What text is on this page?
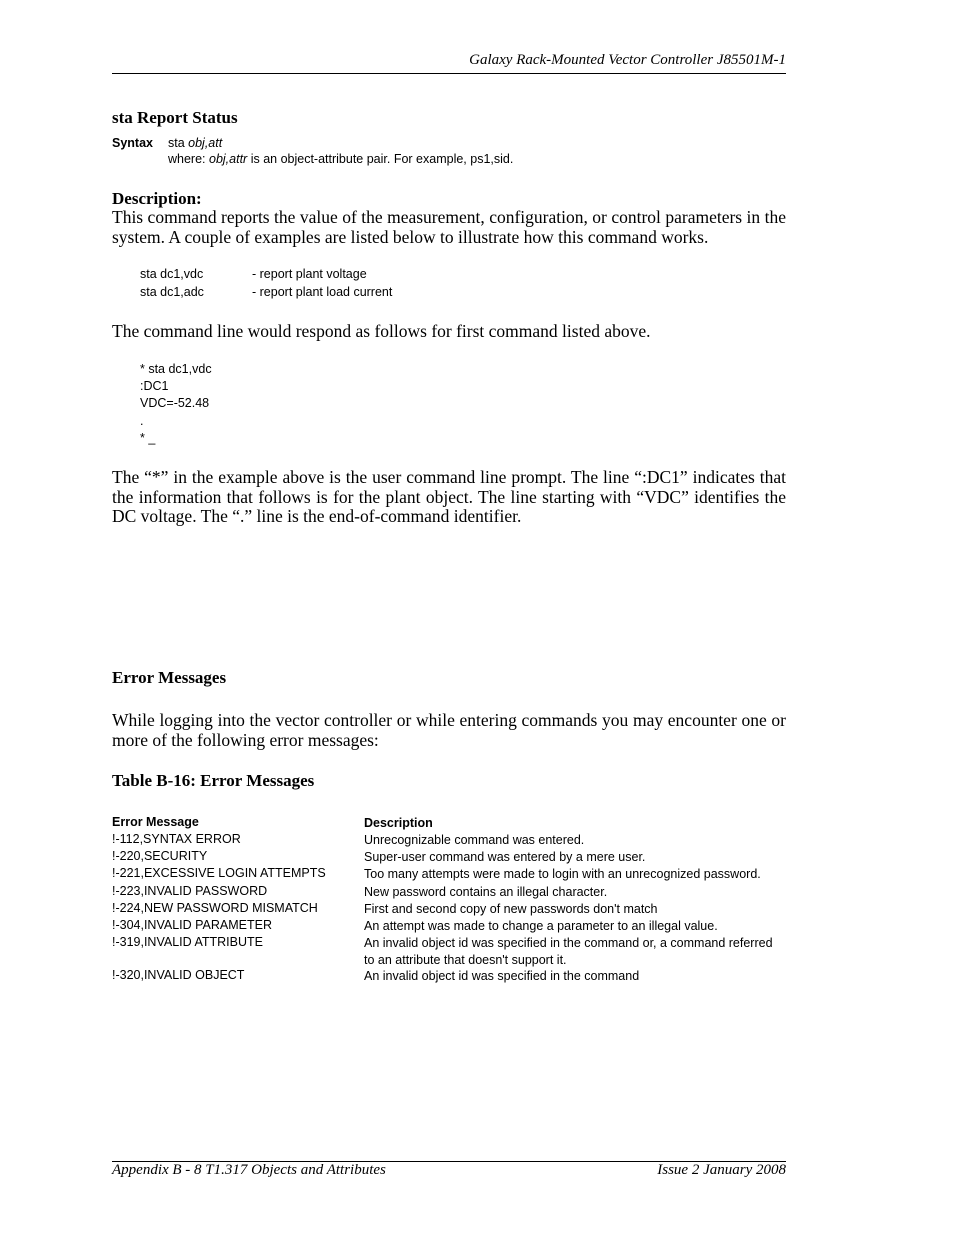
Galaxy Rack-Mounted Vector Controller J85501M-1
sta Report Status
Syntax sta obj,att
where: obj,attr is an object-attribute pair. For example, ps1,sid.
Description:
This command reports the value of the measurement, configuration, or control parameters in the system. A couple of examples are listed below to illustrate how this command works.
sta dc1,vdc	- report plant voltage
sta dc1,adc	- report plant load current
The command line would respond as follows for first command listed above.
* sta dc1,vdc
:DC1
VDC=-52.48
.
* _
The “*” in the example above is the user command line prompt. The line “:DC1” indicates that the information that follows is for the plant object. The line starting with “VDC” identifies the DC voltage. The “.” line is the end-of-command identifier.
Error Messages
While logging into the vector controller or while entering commands you may encounter one or more of the following error messages:
Table B-16: Error Messages
Error Message	Description
!-112,SYNTAX ERROR	Unrecognizable command was entered.
!-220,SECURITY	Super-user command was entered by a mere user.
!-221,EXCESSIVE LOGIN ATTEMPTS	Too many attempts were made to login with an unrecognized password.
!-223,INVALID PASSWORD	New password contains an illegal character.
!-224,NEW PASSWORD MISMATCH	First and second copy of new passwords don't match
!-304,INVALID PARAMETER	An attempt was made to change a parameter to an illegal value.
!-319,INVALID ATTRIBUTE	An invalid object id was specified in the command or, a command referred to an attribute that doesn't support it.
!-320,INVALID OBJECT	An invalid object id was specified in the command
Appendix B - 8 T1.317 Objects and Attributes	Issue 2 January 2008
